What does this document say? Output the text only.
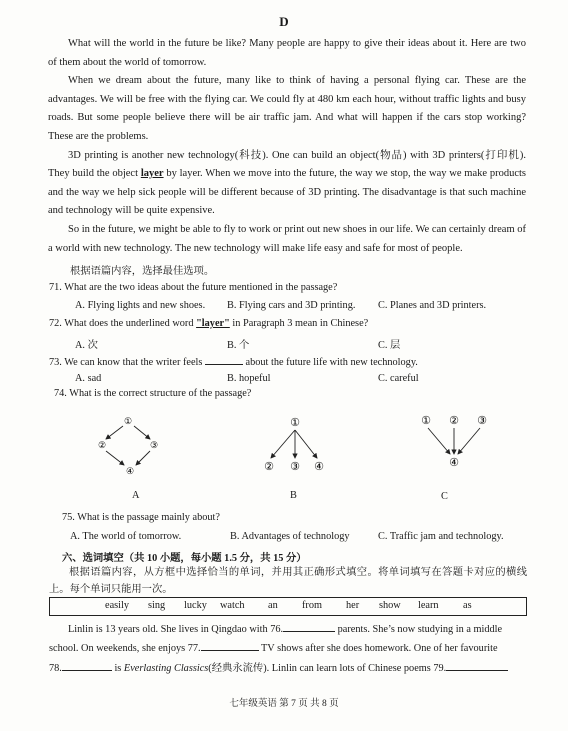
D

What will the world in the future be like? Many people are happy to give their ideas about it. Here are two of them about the world of tomorrow.

When we dream about the future, many like to think of having a personal flying car. These are the advantages. We will be free with the flying car. We could fly at 480 km each hour, without traffic lights and busy roads. But some people believe there will be air traffic jam. And what will happen if the cars stop working? These are the problems.

3D printing is another new technology(科技). One can build an object(物品) with 3D printers(打印机). They build the object layer by layer. When we move into the future, the way we stop, the way we make products and the way we help sick people will be different because of 3D printing. The disadvantage is that such machine and technology will be quite expensive.

So in the future, we might be able to fly to work or print out new shoes in our life. We can certainly dream of a world with new technology. The new technology will make life easy and safe for most of people.

根据语篇内容，选择最佳选项。
71. What are the two ideas about the future mentioned in the passage?
A. Flying lights and new shoes. B. Flying cars and 3D printing. C. Planes and 3D printers.
72. What does the underlined word "layer" in Paragraph 3 mean in Chinese?
A. 次	B. 个	C. 层
73. We can know that the writer feels	about the future life with new technology.
A. sad	B. hopeful	C. careful
74. What is the correct structure of the passage?
①
②	③
④
①
② ③ ④
① ② ③
④
A	B	C
75. What is the passage mainly about?
A. The world of tomorrow.	B. Advantages of technology	C. Traffic jam and technology.
六、选词填空（共 10 小题，每小题 1.5 分，共 15 分）

根据语篇内容，从方框中选择恰当的单词，并用其正确形式填空。将单词填写在答题卡对应的横线上。每个单词只能用一次。

easily sing lucky watch an from her show learn as
Linlin is 13 years old. She lives in Qingdao with 76.	parents. She’s now studying in a middle
school. On weekends, she enjoys 77.	TV shows after she does homework. One of her favourite
78.	is Everlasting Classics(经典永流传). Linlin can learn lots of Chinese poems 79.
七年级英语 第 7 页 共 8 页
